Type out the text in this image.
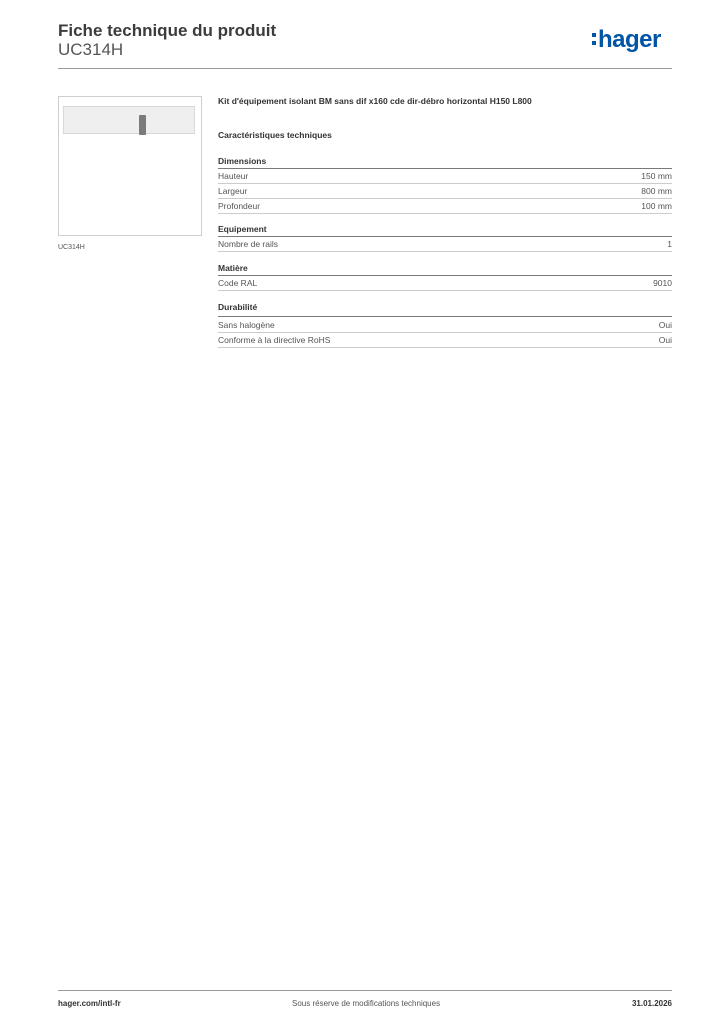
Fiche technique du produit
UC314H	hager
UC314H
Kit d'équipement isolant BM sans dif x160 cde dir-débro horizontal H150 L800
Caractéristiques techniques
Dimensions
Hauteur	150 mm
Largeur	800 mm
Profondeur	100 mm
Equipement
Nombre de rails	1
Matière
Code RAL	9010
Durabilité
Sans halogène	Oui
Conforme à la directive RoHS	Oui
hager.com/intl-fr	Sous réserve de modifications techniques	31.01.2026
